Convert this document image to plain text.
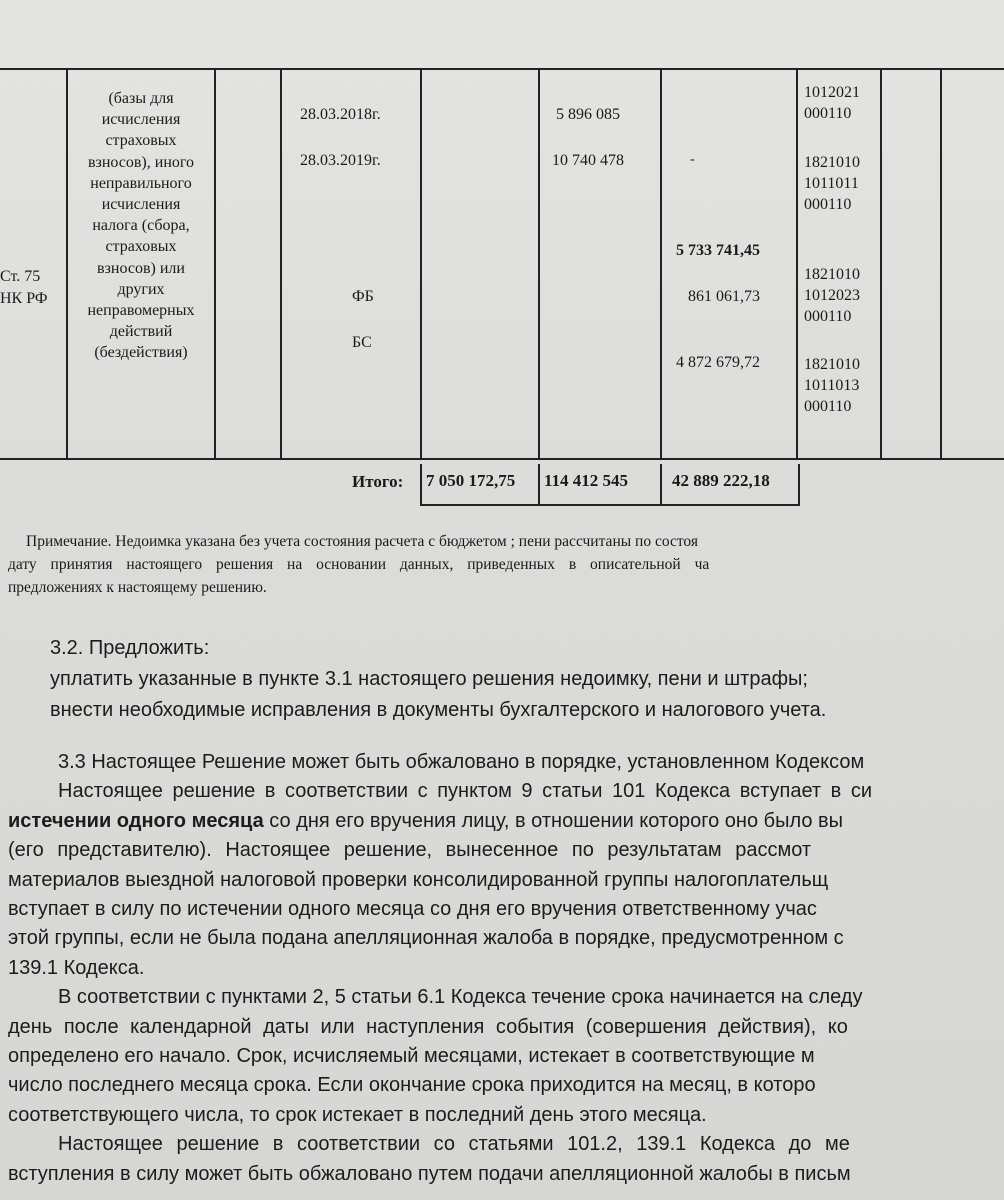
Ст. 75
НК РФ
(базы для
исчисления
страховых
взносов), иного
неправильного
исчисления
налога (сбора,
страховых
взносов) или
других
неправомерных
действий
(бездействия)
28.03.2018г.
28.03.2019г.
ФБ
БС
5 896 085
10 740 478	-
5 733 741,45
861 061,73
4 872 679,72
1012021
000110
1821010
1011011
000110
1821010
1012023
000110
1821010
1011013
000110
Итого: 7 050 172,75 114 412 545	42 889 222,18
Примечание. Недоимка указана без учета состояния расчета с бюджетом ; пени рассчитаны по состоя
дату принятия настоящего решения на основании данных, приведенных в описательной ча
предложениях к настоящему решению.
3.2. Предложить:
уплатить указанные в пункте 3.1 настоящего решения недоимку, пени и штрафы;
внести необходимые исправления в документы бухгалтерского и налогового учета.
3.3 Настоящее Решение может быть обжаловано в порядке, установленном Кодексом
Настоящее решение в соответствии с пунктом 9 статьи 101 Кодекса вступает в си
истечении одного месяца со дня его вручения лицу, в отношении которого оно было вы
(его представителю). Настоящее решение, вынесенное по результатам рассмот
материалов выездной налоговой проверки консолидированной группы налогоплательщ
вступает в силу по истечении одного месяца со дня его вручения ответственному учас
этой группы, если не была подана апелляционная жалоба в порядке, предусмотренном с
139.1 Кодекса.
В соответствии с пунктами 2, 5 статьи 6.1 Кодекса течение срока начинается на следу
день после календарной даты или наступления события (совершения действия), ко
определено его начало. Срок, исчисляемый месяцами, истекает в соответствующие м
число последнего месяца срока. Если окончание срока приходится на месяц, в которо
соответствующего числа, то срок истекает в последний день этого месяца.
Настоящее решение в соответствии со статьями 101.2, 139.1 Кодекса до ме
вступления в силу может быть обжаловано путем подачи апелляционной жалобы в письм
